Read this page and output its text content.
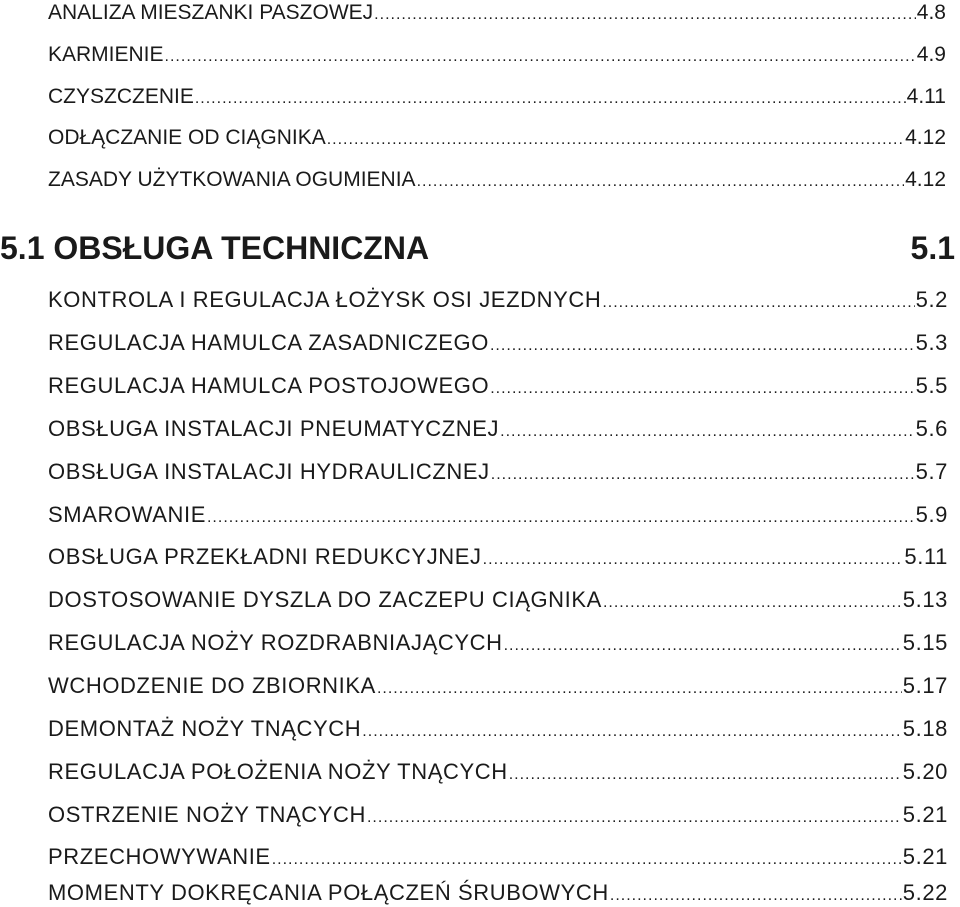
ANALIZA MIESZANKI PASZOWEJ .....	4.8
KARMIENIE .....	4.9
CZYSZCZENIE .....	4.11
ODŁĄCZANIE OD CIĄGNIKA .....	4.12
ZASADY UŻYTKOWANIA OGUMIENIA .....	4.12
5.1 OBSŁUGA TECHNICZNA	5.1
KONTROLA I REGULACJA ŁOŻYSK OSI JEZDNYCH .....	5.2
REGULACJA HAMULCA ZASADNICZEGO .....	5.3
REGULACJA HAMULCA POSTOJOWEGO .....	5.5
OBSŁUGA INSTALACJI PNEUMATYCZNEJ .....	5.6
OBSŁUGA INSTALACJI HYDRAULICZNEJ .....	5.7
SMAROWANIE .....	5.9
OBSŁUGA PRZEKŁADNI REDUKCYJNEJ .....	5.11
DOSTOSOWANIE DYSZLA DO ZACZEPU CIĄGNIKA .....	5.13
REGULACJA NOŻY ROZDRABNIAJĄCYCH .....	5.15
WCHODZENIE DO ZBIORNIKA .....	5.17
DEMONTAŻ NOŻY TNĄCYCH .....	5.18
REGULACJA POŁOŻENIA NOŻY TNĄCYCH .....	5.20
OSTRZENIE NOŻY TNĄCYCH .....	5.21
PRZECHOWYWANIE .....	5.21
MOMENTY DOKRĘCANIA POŁĄCZEŃ ŚRUBOWYCH .....	5.22
